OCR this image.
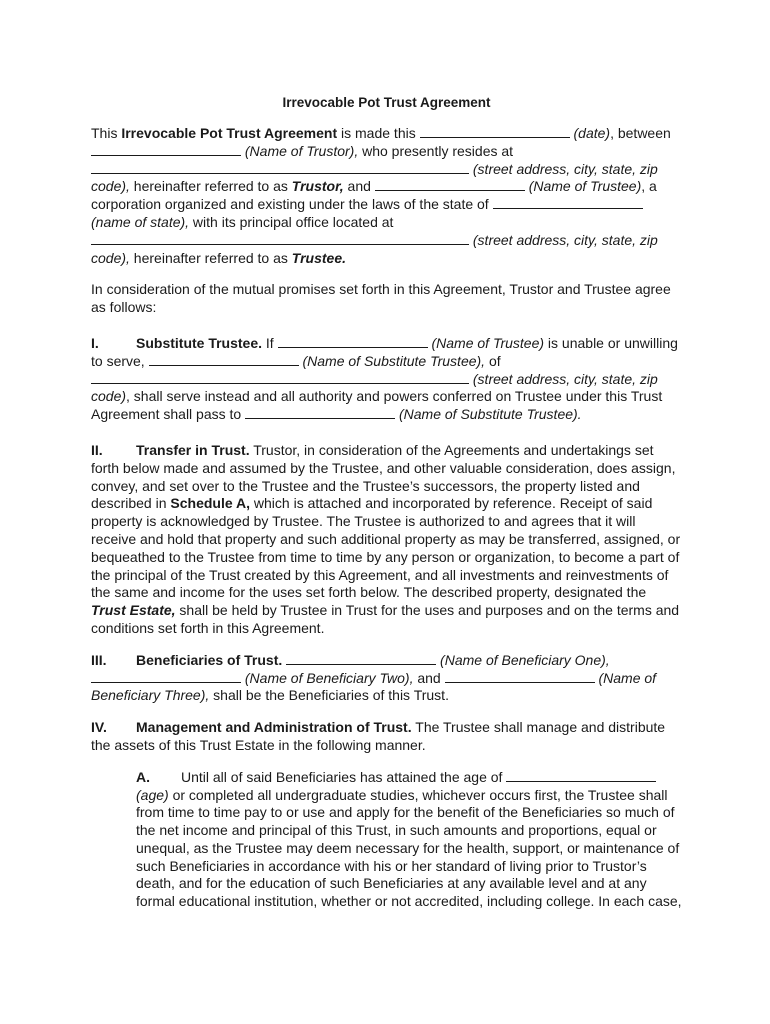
Irrevocable Pot Trust Agreement

This Irrevocable Pot Trust Agreement is made this	(date), between  (Name of Trustor), who presently resides at  (street address, city, state, zip code), hereinafter referred to as Trustor, and	(Name of Trustee), a corporation organized and existing under the laws of the state of  (name of state), with its principal office located at  (street address, city, state, zip code), hereinafter referred to as Trustee.

In consideration of the mutual promises set forth in this Agreement, Trustor and Trustee agree as follows:

I.	Substitute Trustee. If	(Name of Trustee) is unable or unwilling to serve,	(Name of Substitute Trustee), of  (street address, city, state, zip code), shall serve instead and all authority and powers conferred on Trustee under this Trust Agreement shall pass to	(Name of Substitute Trustee).

II. Transfer in Trust. Trustor, in consideration of the Agreements and undertakings set forth below made and assumed by the Trustee, and other valuable consideration, does assign, convey, and set over to the Trustee and the Trustee’s successors, the property listed and described in Schedule A, which is attached and incorporated by reference. Receipt of said property is acknowledged by Trustee. The Trustee is authorized to and agrees that it will receive and hold that property and such additional property as may be transferred, assigned, or bequeathed to the Trustee from time to time by any person or organization, to become a part of the principal of the Trust created by this Agreement, and all investments and reinvestments of the same and income for the uses set forth below. The described property, designated the Trust Estate, shall be held by Trustee in Trust for the uses and purposes and on the terms and conditions set forth in this Agreement.

III. Beneficiaries of Trust.	(Name of Beneficiary One),  (Name of Beneficiary Two), and	(Name of Beneficiary Three), shall be the Beneficiaries of this Trust.

IV. Management and Administration of Trust. The Trustee shall manage and distribute the assets of this Trust Estate in the following manner.

A. Until all of said Beneficiaries has attained the age of  (age) or completed all undergraduate studies, whichever occurs first, the Trustee shall from time to time pay to or use and apply for the benefit of the Beneficiaries so much of the net income and principal of this Trust, in such amounts and proportions, equal or unequal, as the Trustee may deem necessary for the health, support, or maintenance of such Beneficiaries in accordance with his or her standard of living prior to Trustor’s death, and for the education of such Beneficiaries at any available level and at any formal educational institution, whether or not accredited, including college. In each case,
